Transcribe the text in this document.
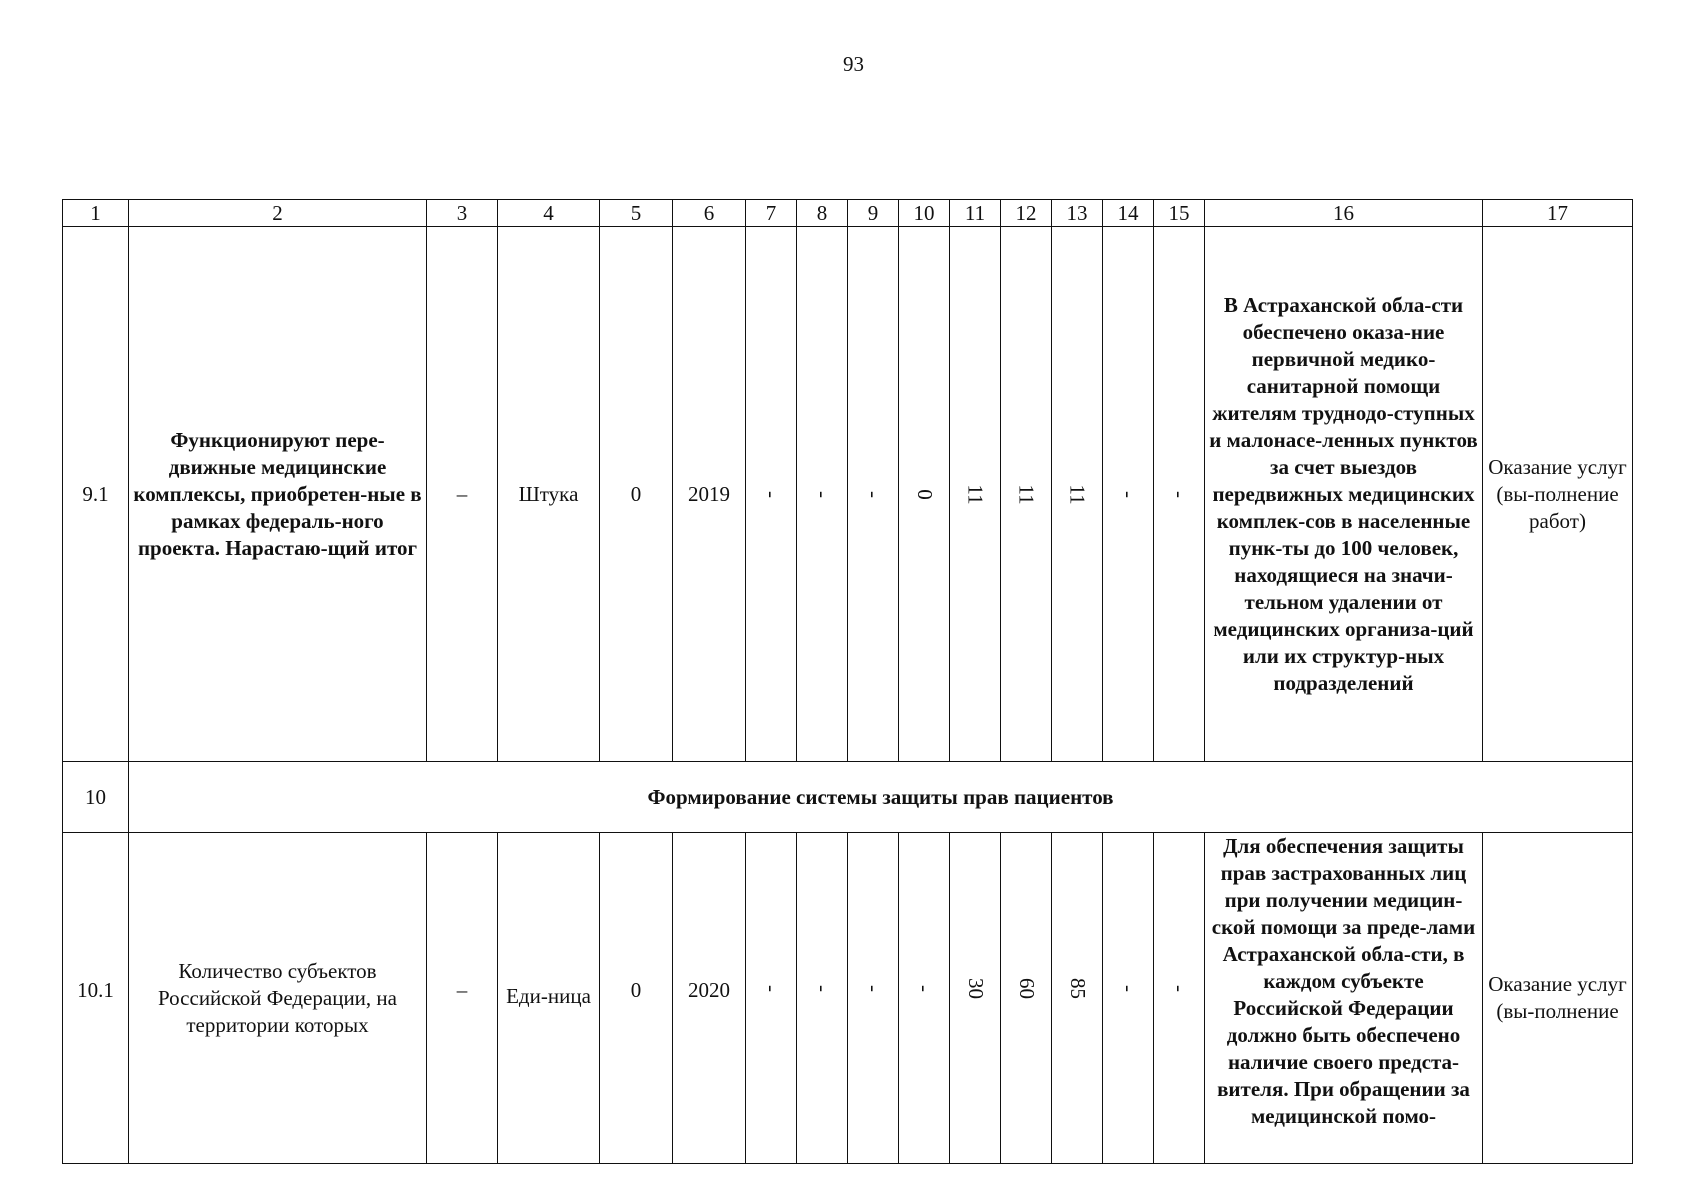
93
1	2	3	4	5	6	7	8	9	10	11	12	13	14	15	16	17
9.1	Функционируют пере-движные медицинские комплексы, приобретен-ные в рамках федераль-ного проекта. Нарастаю-щий итог	–	Штука	0	2019	-	-	-	0	11	11	11	-	-	В Астраханской обла-сти обеспечено оказа-ние первичной медико-санитарной помощи жителям труднодо-ступных и малонасе-ленных пунктов за счет выездов передвижных медицинских комплек-сов в населенные пунк-ты до 100 человек, находящиеся на значи-тельном удалении от медицинских организа-ций или их структур-ных подразделений	Оказание услуг (вы-полнение работ)
10	Формирование системы защиты прав пациентов															
10.1	Количество субъектов Российской Федерации, на территории которых	–	Еди-ница	0	2020	-	-	-	-	30	60	85	-	-	Для обеспечения защиты прав застрахованных лиц при получении медицин-ской помощи за преде-лами Астраханской обла-сти, в каждом субъекте Российской Федерации должно быть обеспечено наличие своего предста-вителя. При обращении за медицинской помо-	Оказание услуг (вы-полнение
